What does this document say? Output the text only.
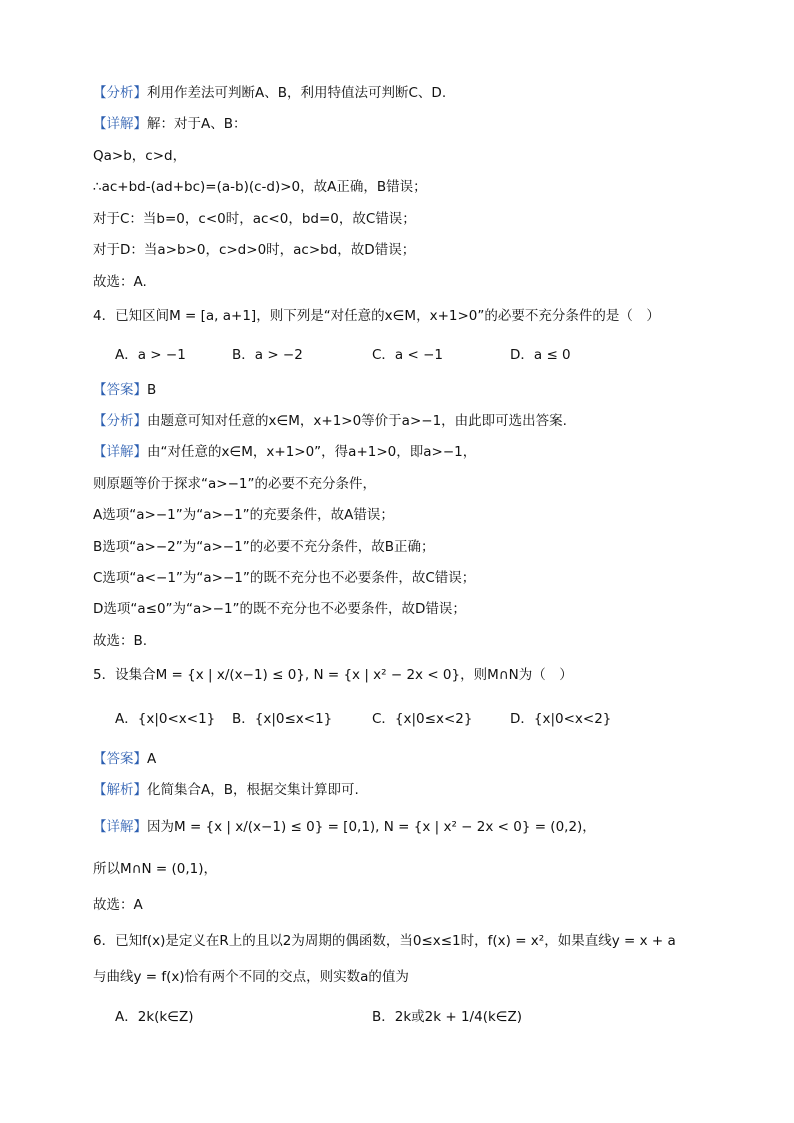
【分析】利用作差法可判断A、B，利用特值法可判断C、D.
【详解】解：对于A、B：
Qa>b，c>d，
∴ac+bd-(ad+bc)=(a-b)(c-d)>0，故A正确，B错误；
对于C：当b=0，c<0时，ac<0，bd=0，故C错误；
对于D：当a>b>0，c>d>0时，ac>bd，故D错误；
故选：A.
4．已知区间M = [a, a+1]，则下列是“对任意的x∈M，x+1>0”的必要不充分条件的是（　）
A．a > −1	B．a > −2	C．a < −1	D．a ≤ 0
【答案】B
【分析】由题意可知对任意的x∈M，x+1>0等价于a>−1，由此即可选出答案.
【详解】由“对任意的x∈M，x+1>0”，得a+1>0，即a>−1，
则原题等价于探求“a>−1”的必要不充分条件，
A选项“a>−1”为“a>−1”的充要条件，故A错误；
B选项“a>−2”为“a>−1”的必要不充分条件，故B正确；
C选项“a<−1”为“a>−1”的既不充分也不必要条件，故C错误；
D选项“a≤0”为“a>−1”的既不充分也不必要条件，故D错误；
故选：B.
5．设集合M = {x | x/(x−1) ≤ 0}, N = {x | x² − 2x < 0}，则M∩N为（　）
A．{x|0<x<1} B．{x|0≤x<1}	C．{x|0≤x<2}	D．{x|0<x<2}
【答案】A
【解析】化简集合A，B，根据交集计算即可.
【详解】因为M = {x | x/(x−1) ≤ 0} = [0,1), N = {x | x² − 2x < 0} = (0,2)，
所以M∩N = (0,1)，
故选：A
6．已知f(x)是定义在R上的且以2为周期的偶函数，当0≤x≤1时，f(x) = x²，如果直线y = x + a
与曲线y = f(x)恰有两个不同的交点，则实数a的值为
A．2k(k∈Z)	B．2k或2k + 1/4(k∈Z)
